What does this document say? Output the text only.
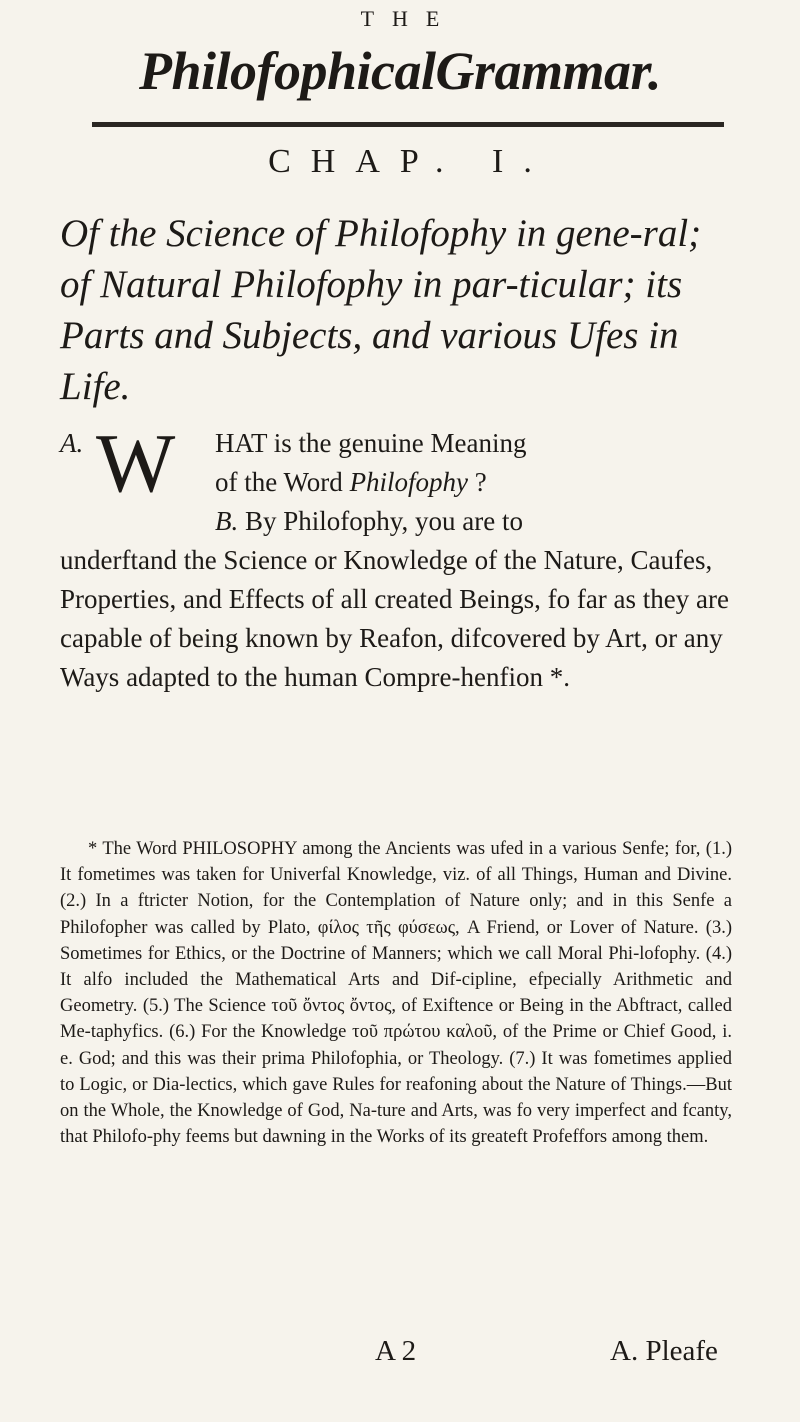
THE
PhilofophicalGrammar.
CHAP. I.
Of the Science of Philofophy in gene-ral; of Natural Philofophy in par-ticular; its Parts and Subjects, and various Ufes in Life.
A. W	HAT is the genuine Meaning
of the Word Philofophy ?
B. By Philofophy, you are to
underftand the Science or Knowledge of the Nature, Caufes, Properties, and Effects of all created Beings, fo far as they are capable of being known by Reafon, difcovered by Art, or any Ways adapted to the human Compre-henfion *.

* The Word PHILOSOPHY among the Ancients was ufed in a various Senfe; for, (1.) It fometimes was taken for Univerfal Knowledge, viz. of all Things, Human and Divine. (2.) In a ftricter Notion, for the Contemplation of Nature only; and in this Senfe a Philofopher was called by Plato, φίλος τῆς φύσεως, A Friend, or Lover of Nature. (3.) Sometimes for Ethics, or the Doctrine of Manners; which we call Moral Phi-lofophy. (4.) It alfo included the Mathematical Arts and Dif-cipline, efpecially Arithmetic and Geometry. (5.) The Science τοῦ ὄντος ὄντος, of Exiftence or Being in the Abftract, called Me-taphyfics. (6.) For the Knowledge τοῦ πρώτου καλοῦ, of the Prime or Chief Good, i. e. God; and this was their prima Philofophia, or Theology. (7.) It was fometimes applied to Logic, or Dia-lectics, which gave Rules for reafoning about the Nature of Things.—But on the Whole, the Knowledge of God, Na-ture and Arts, was fo very imperfect and fcanty, that Philofo-phy feems but dawning in the Works of its greateft Profeffors among them.

A 2	A. Pleafe
